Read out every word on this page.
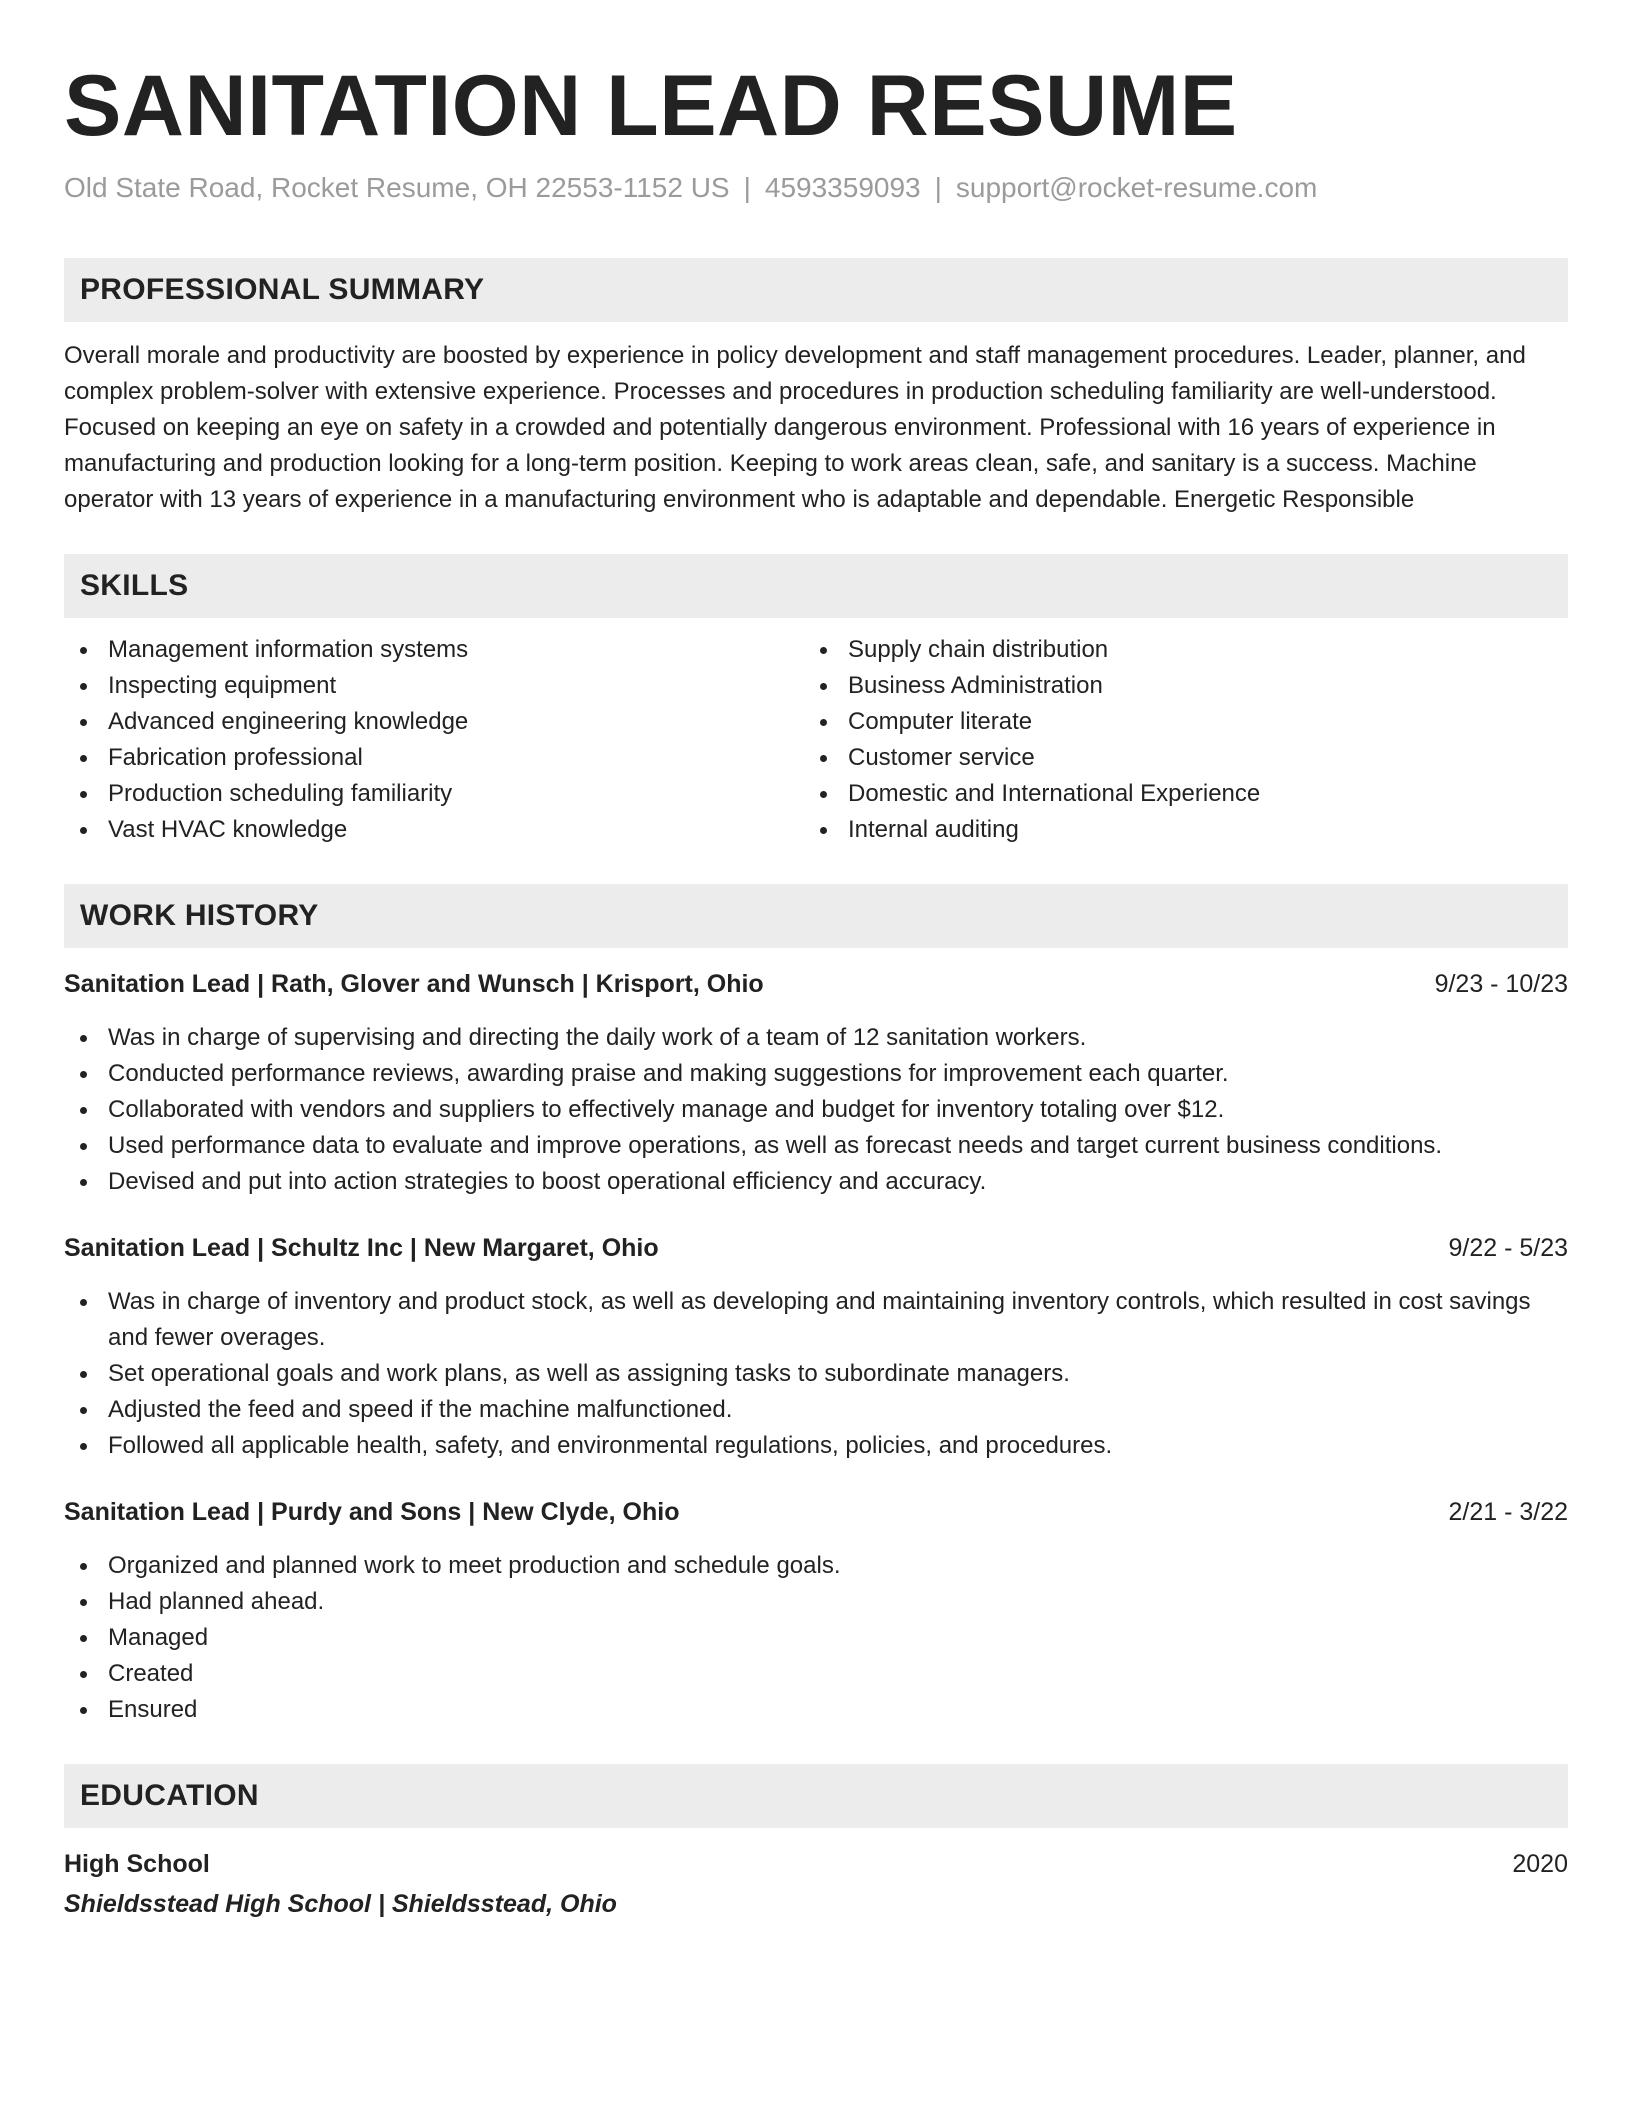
SANITATION LEAD RESUME
Old State Road, Rocket Resume, OH 22553-1152 US | 4593359093 | support@rocket-resume.com
PROFESSIONAL SUMMARY

Overall morale and productivity are boosted by experience in policy development and staff management procedures. Leader, planner, and complex problem-solver with extensive experience. Processes and procedures in production scheduling familiarity are well-understood. Focused on keeping an eye on safety in a crowded and potentially dangerous environment. Professional with 16 years of experience in manufacturing and production looking for a long-term position. Keeping to work areas clean, safe, and sanitary is a success. Machine operator with 13 years of experience in a manufacturing environment who is adaptable and dependable. Energetic Responsible

SKILLS
Management information systems
Inspecting equipment
Advanced engineering knowledge
Fabrication professional
Production scheduling familiarity
Vast HVAC knowledge
Supply chain distribution
Business Administration
Computer literate
Customer service
Domestic and International Experience
Internal auditing
WORK HISTORY
Sanitation Lead | Rath, Glover and Wunsch | Krisport, Ohio	9/23 - 10/23
Was in charge of supervising and directing the daily work of a team of 12 sanitation workers.
Conducted performance reviews, awarding praise and making suggestions for improvement each quarter.
Collaborated with vendors and suppliers to effectively manage and budget for inventory totaling over $12.
Used performance data to evaluate and improve operations, as well as forecast needs and target current business conditions.
Devised and put into action strategies to boost operational efficiency and accuracy.
Sanitation Lead | Schultz Inc | New Margaret, Ohio	9/22 - 5/23
Was in charge of inventory and product stock, as well as developing and maintaining inventory controls, which resulted in cost savings and fewer overages.
Set operational goals and work plans, as well as assigning tasks to subordinate managers.
Adjusted the feed and speed if the machine malfunctioned.
Followed all applicable health, safety, and environmental regulations, policies, and procedures.
Sanitation Lead | Purdy and Sons | New Clyde, Ohio	2/21 - 3/22
Organized and planned work to meet production and schedule goals.
Had planned ahead.
Managed
Created
Ensured
EDUCATION
High School	2020
Shieldsstead High School | Shieldsstead, Ohio
